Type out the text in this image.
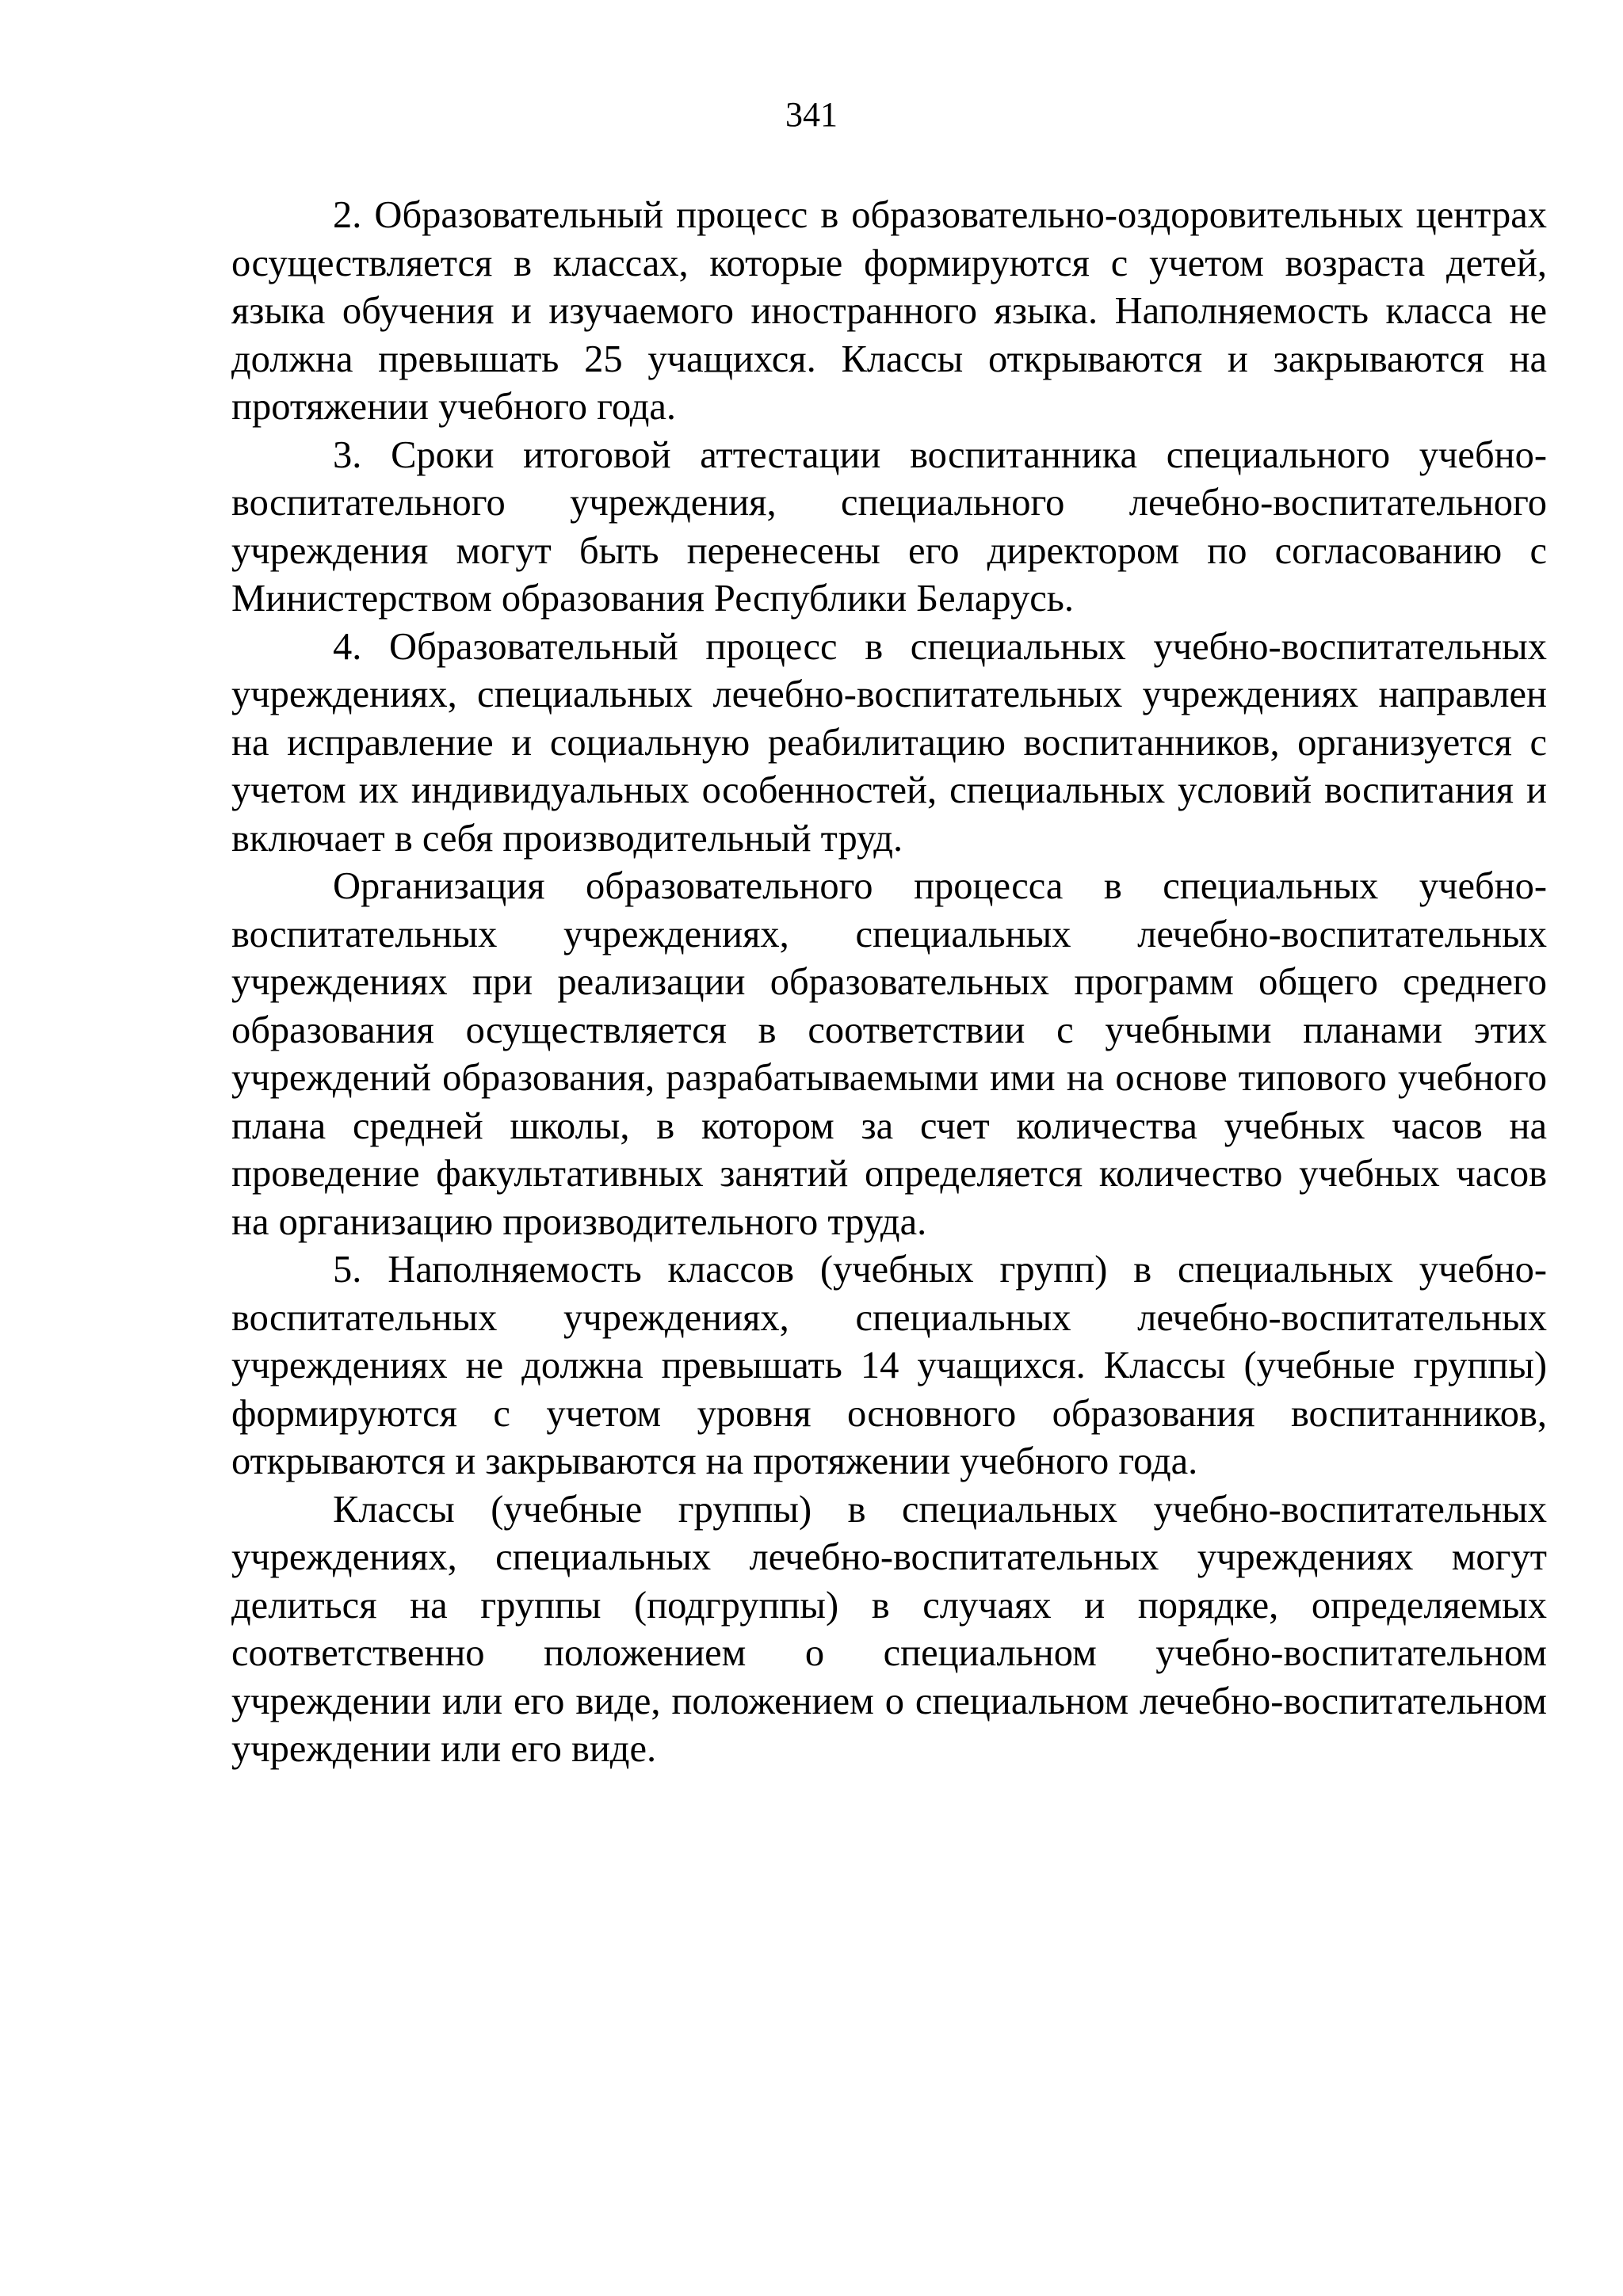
341

2. Образовательный процесс в образовательно-оздоровительных центрах осуществляется в классах, которые формируются с учетом возраста детей, языка обучения и изучаемого иностранного языка. Наполняемость класса не должна превышать 25 учащихся. Классы открываются и закрываются на протяжении учебного года.

3. Сроки итоговой аттестации воспитанника специального учебно-воспитательного учреждения, специального лечебно-воспитательного учреждения могут быть перенесены его директором по согласованию с Министерством образования Республики Беларусь.

4. Образовательный процесс в специальных учебно-воспитательных учреждениях, специальных лечебно-воспитательных учреждениях направлен на исправление и социальную реабилитацию воспитанников, организуется с учетом их индивидуальных особенностей, специальных условий воспитания и включает в себя производительный труд.

Организация образовательного процесса в специальных учебно-воспитательных учреждениях, специальных лечебно-воспитательных учреждениях при реализации образовательных программ общего среднего образования осуществляется в соответствии с учебными планами этих учреждений образования, разрабатываемыми ими на основе типового учебного плана средней школы, в котором за счет количества учебных часов на проведение факультативных занятий определяется количество учебных часов на организацию производительного труда.

5. Наполняемость классов (учебных групп) в специальных учебно-воспитательных учреждениях, специальных лечебно-воспитательных учреждениях не должна превышать 14 учащихся. Классы (учебные группы) формируются с учетом уровня основного образования воспитанников, открываются и закрываются на протяжении учебного года.

Классы (учебные группы) в специальных учебно-воспитательных учреждениях, специальных лечебно-воспитательных учреждениях могут делиться на группы (подгруппы) в случаях и порядке, определяемых соответственно положением о специальном учебно-воспитательном учреждении или его виде, положением о специальном лечебно-воспитательном учреждении или его виде.
